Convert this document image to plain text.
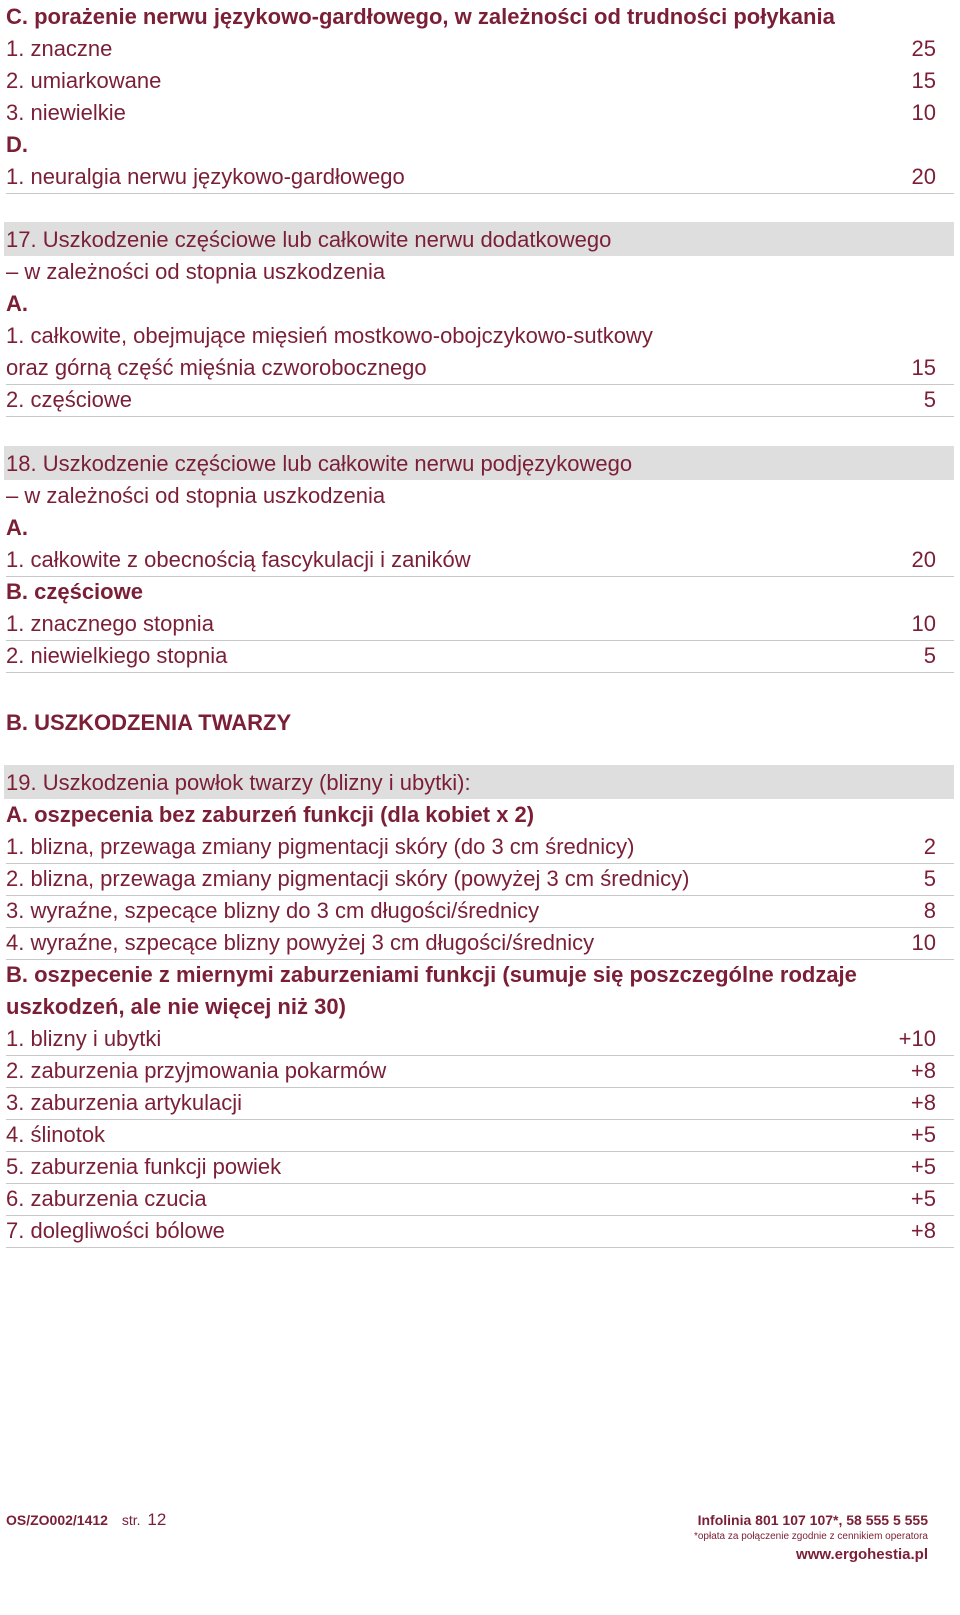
C. porażenie nerwu językowo-gardłowego, w zależności od trudności połykania
1. znaczne	25
2. umiarkowane	15
3. niewielkie	10
D.
1. neuralgia nerwu językowo-gardłowego	20
17. Uszkodzenie częściowe lub całkowite nerwu dodatkowego
– w zależności od stopnia uszkodzenia
A.
1. całkowite, obejmujące mięsień mostkowo-obojczykowo-sutkowy
oraz górną część mięśnia czworobocznego	15
2. częściowe	5
18. Uszkodzenie częściowe lub całkowite nerwu podjęzykowego
– w zależności od stopnia uszkodzenia
A.
1. całkowite z obecnością fascykulacji i zaników	20
B. częściowe
1. znacznego stopnia	10
2. niewielkiego stopnia	5
B. USZKODZENIA TWARZY
19. Uszkodzenia powłok twarzy (blizny i ubytki):
A. oszpecenia bez zaburzeń funkcji (dla kobiet x 2)
1. blizna, przewaga zmiany pigmentacji skóry (do 3 cm średnicy)	2
2. blizna, przewaga zmiany pigmentacji skóry (powyżej 3 cm średnicy)	5
3. wyraźne, szpecące blizny do 3 cm długości/średnicy	8
4. wyraźne, szpecące blizny powyżej 3 cm długości/średnicy	10
B. oszpecenie z miernymi zaburzeniami funkcji (sumuje się poszczególne rodzaje
uszkodzeń, ale nie więcej niż 30)
1. blizny i ubytki	+10
2. zaburzenia przyjmowania pokarmów	+8
3. zaburzenia artykulacji	+8
4. ślinotok	+5
5. zaburzenia funkcji powiek	+5
6. zaburzenia czucia	+5
7. dolegliwości bólowe	+8
OS/ZO002/1412 str. 12	Infolinia 801 107 107*, 58 555 5 555
*opłata za połączenie zgodnie z cennikiem operatora
www.ergohestia.pl
